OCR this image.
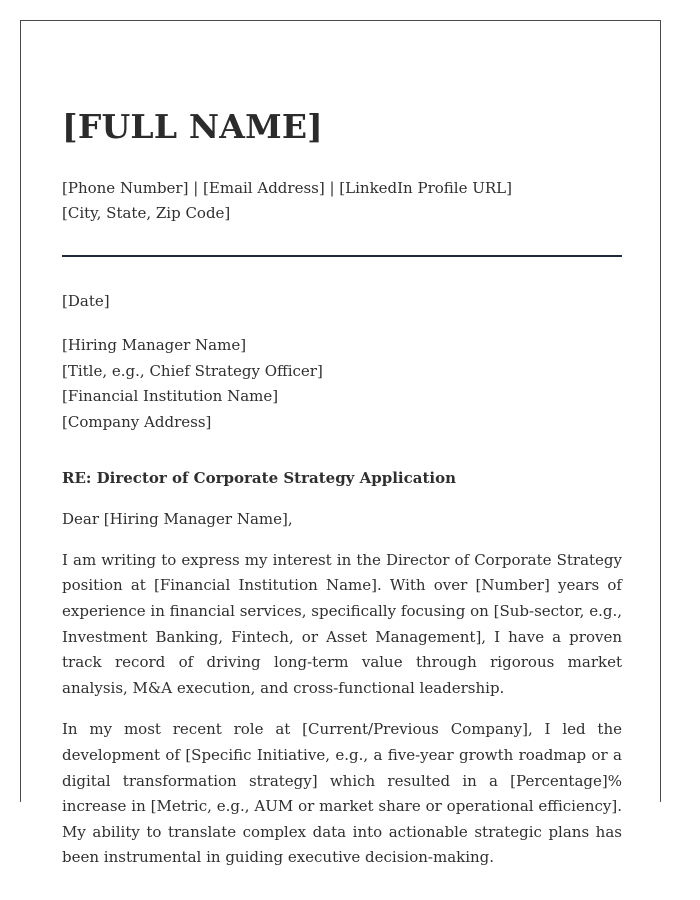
[FULL NAME]
[Phone Number] | [Email Address] | [LinkedIn Profile URL]
[City, State, Zip Code]
[Date]
[Hiring Manager Name]
[Title, e.g., Chief Strategy Officer]
[Financial Institution Name]
[Company Address]
RE: Director of Corporate Strategy Application
Dear [Hiring Manager Name],

I am writing to express my interest in the Director of Corporate Strategy position at [Financial Institution Name]. With over [Number] years of experience in financial services, specifically focusing on [Sub-sector, e.g., Investment Banking, Fintech, or Asset Management], I have a proven track record of driving long-term value through rigorous market analysis, M&A execution, and cross-functional leadership.

In my most recent role at [Current/Previous Company], I led the development of [Specific Initiative, e.g., a five-year growth roadmap or a digital transformation strategy] which resulted in a [Percentage]% increase in [Metric, e.g., AUM or market share or operational efficiency]. My ability to translate complex data into actionable strategic plans has been instrumental in guiding executive decision-making.
